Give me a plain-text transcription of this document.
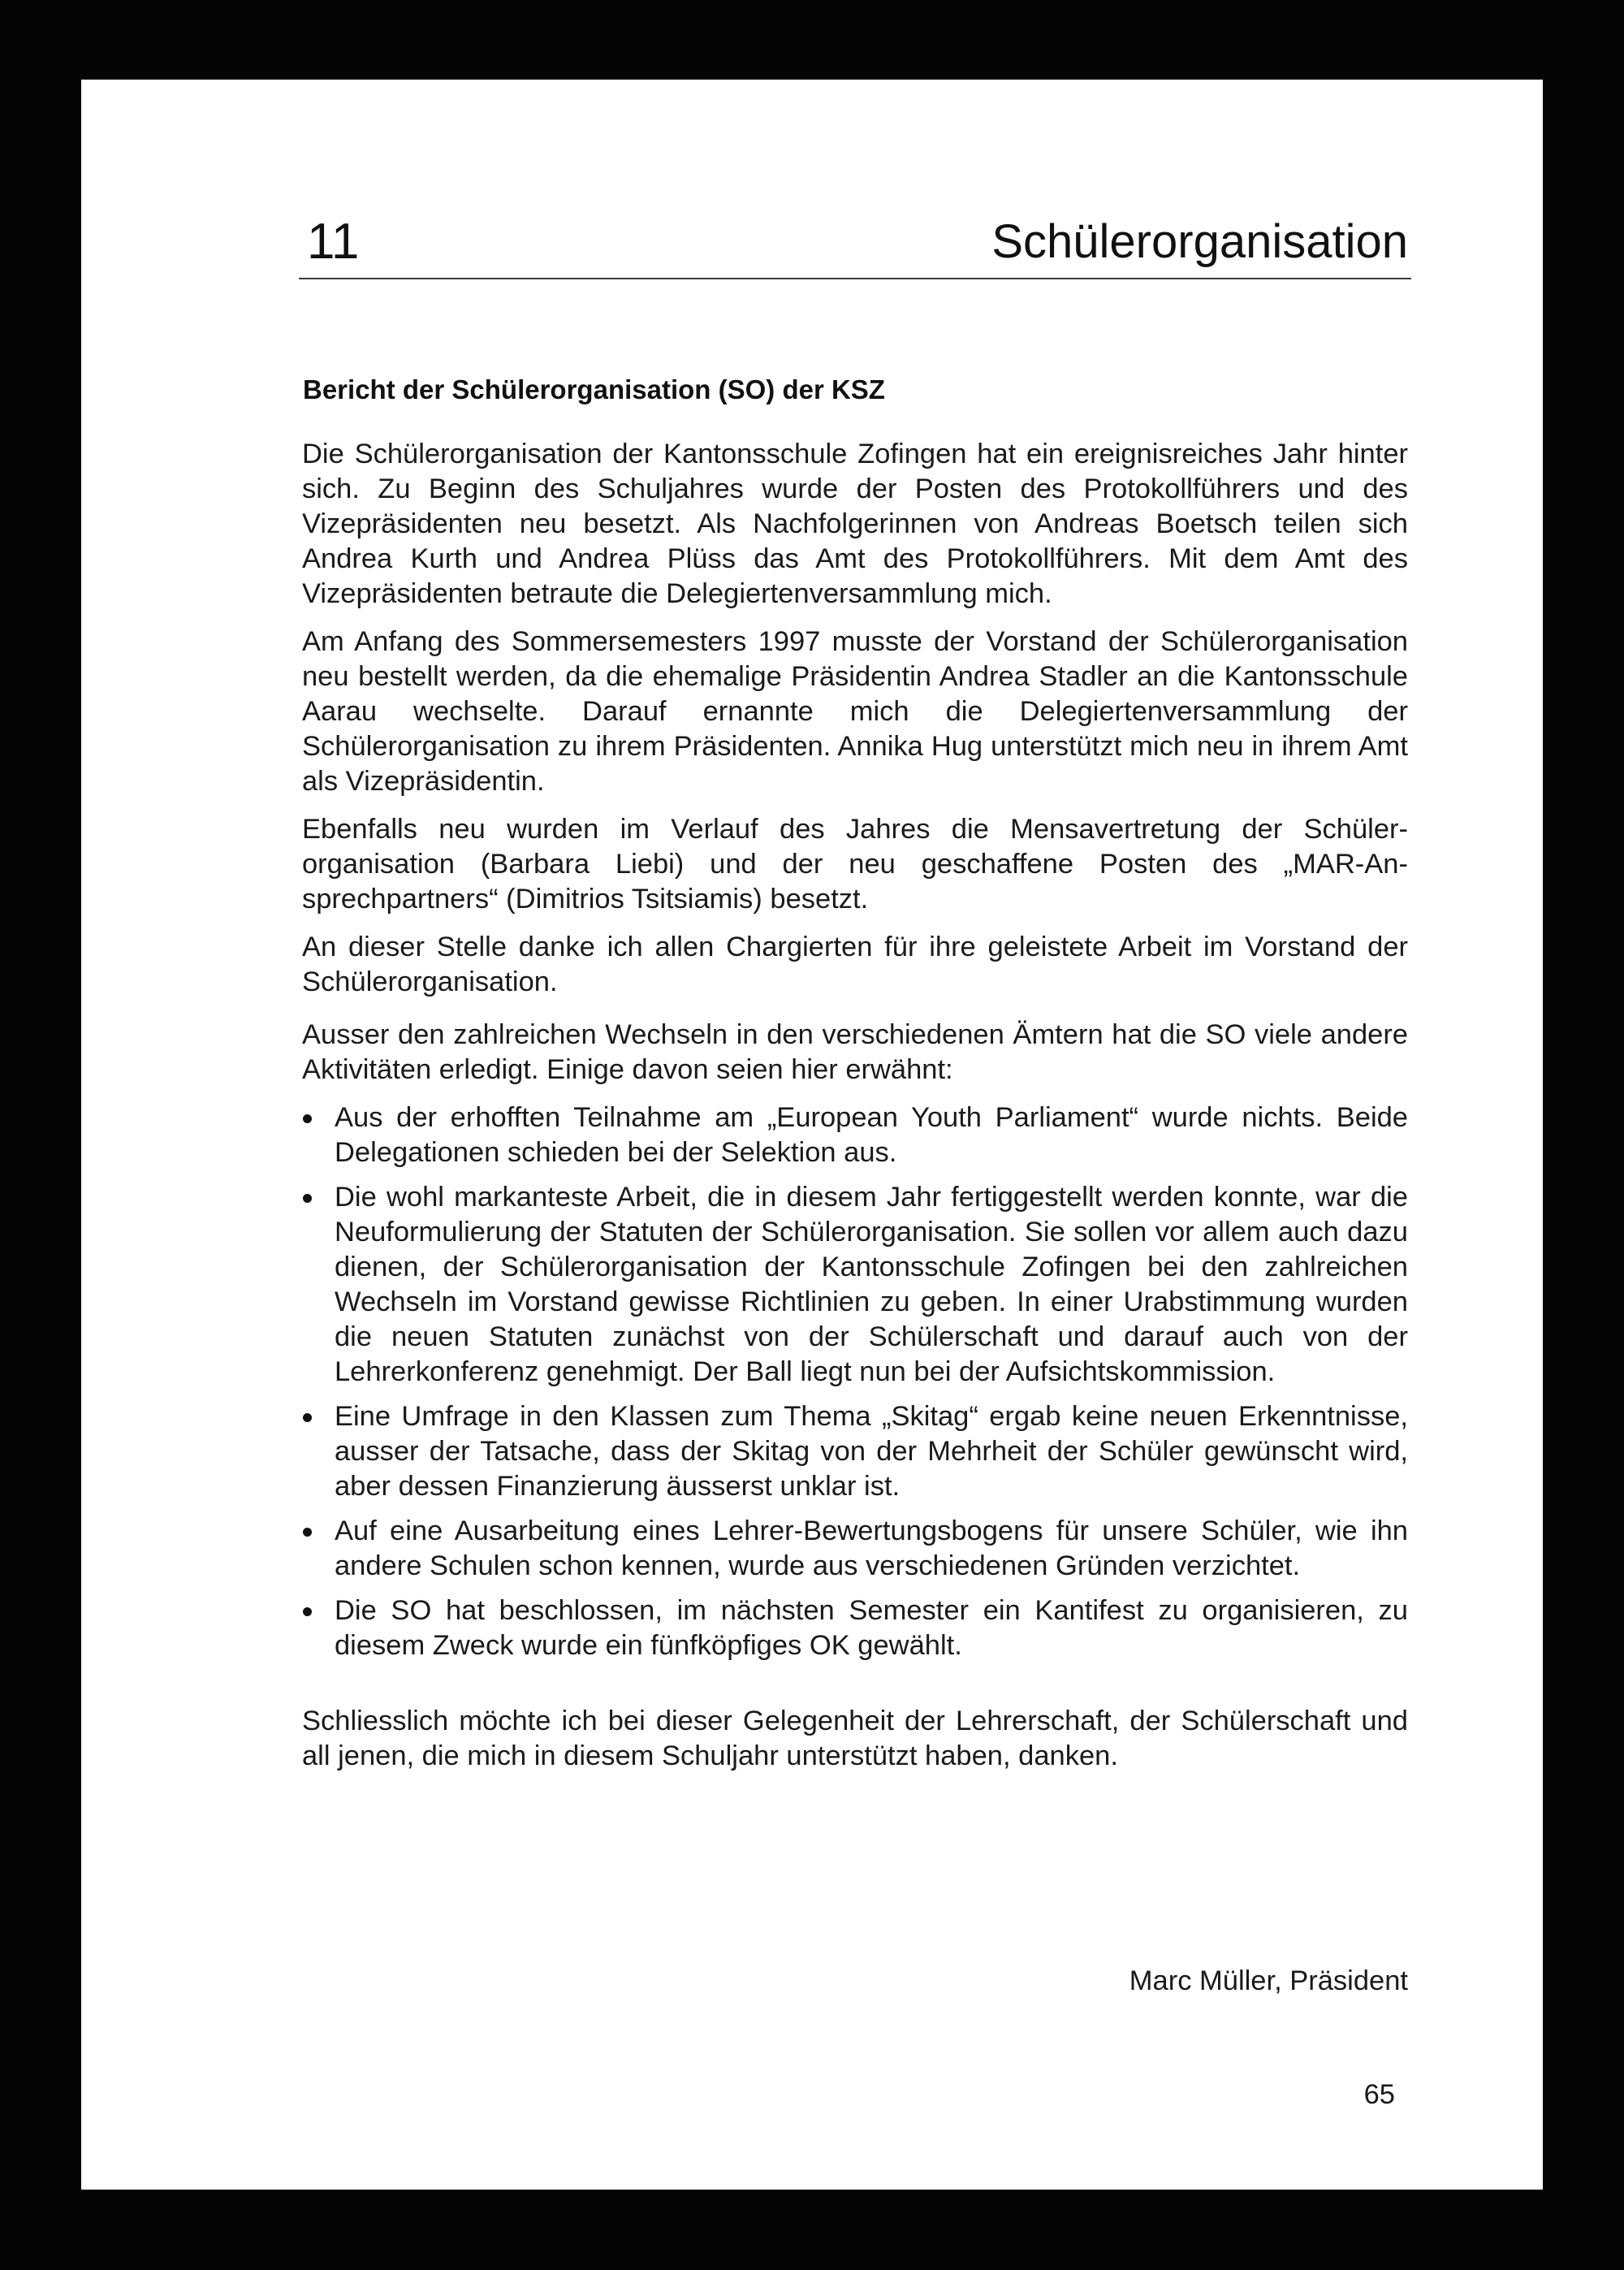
11	Schülerorganisation
Bericht der Schülerorganisation (SO) der KSZ

Die Schülerorganisation der Kantonsschule Zofingen hat ein ereignisreiches Jahr hinter sich. Zu Beginn des Schuljahres wurde der Posten des Protokollführers und des Vizepräsidenten neu besetzt. Als Nachfolgerinnen von Andreas Boetsch teilen sich Andrea Kurth und Andrea Plüss das Amt des Protokollführers. Mit dem Amt des Vizepräsidenten betraute die Delegiertenversammlung mich.

Am Anfang des Sommersemesters 1997 musste der Vorstand der Schülerorganisation neu bestellt werden, da die ehemalige Präsidentin Andrea Stadler an die Kantonsschule Aarau wechselte. Darauf ernannte mich die Delegiertenversammlung der Schülerorganisation zu ihrem Präsidenten. Annika Hug unterstützt mich neu in ihrem Amt als Vizepräsidentin.

Ebenfalls neu wurden im Verlauf des Jahres die Mensavertretung der Schülerorganisation (Barbara Liebi) und der neu geschaffene Posten des „MAR-Ansprechpartners“ (Dimitrios Tsitsiamis) besetzt.

An dieser Stelle danke ich allen Chargierten für ihre geleistete Arbeit im Vorstand der Schülerorganisation.

Ausser den zahlreichen Wechseln in den verschiedenen Ämtern hat die SO viele andere Aktivitäten erledigt. Einige davon seien hier erwähnt:

Aus der erhofften Teilnahme am „European Youth Parliament“ wurde nichts. Beide Delegationen schieden bei der Selektion aus.
Die wohl markanteste Arbeit, die in diesem Jahr fertiggestellt werden konnte, war die Neuformulierung der Statuten der Schülerorganisation. Sie sollen vor allem auch dazu dienen, der Schülerorganisation der Kantonsschule Zofingen bei den zahlreichen Wechseln im Vorstand gewisse Richtlinien zu geben. In einer Urabstimmung wurden die neuen Statuten zunächst von der Schülerschaft und darauf auch von der Lehrerkonferenz genehmigt. Der Ball liegt nun bei der Aufsichtskommission.
Eine Umfrage in den Klassen zum Thema „Skitag“ ergab keine neuen Erkenntnisse, ausser der Tatsache, dass der Skitag von der Mehrheit der Schüler gewünscht wird, aber dessen Finanzierung äusserst unklar ist.
Auf eine Ausarbeitung eines Lehrer-Bewertungsbogens für unsere Schüler, wie ihn andere Schulen schon kennen, wurde aus verschiedenen Gründen verzichtet.
Die SO hat beschlossen, im nächsten Semester ein Kantifest zu organisieren, zu diesem Zweck wurde ein fünfköpfiges OK gewählt.

Schliesslich möchte ich bei dieser Gelegenheit der Lehrerschaft, der Schülerschaft und all jenen, die mich in diesem Schuljahr unterstützt haben, danken.

Marc Müller, Präsident
65
